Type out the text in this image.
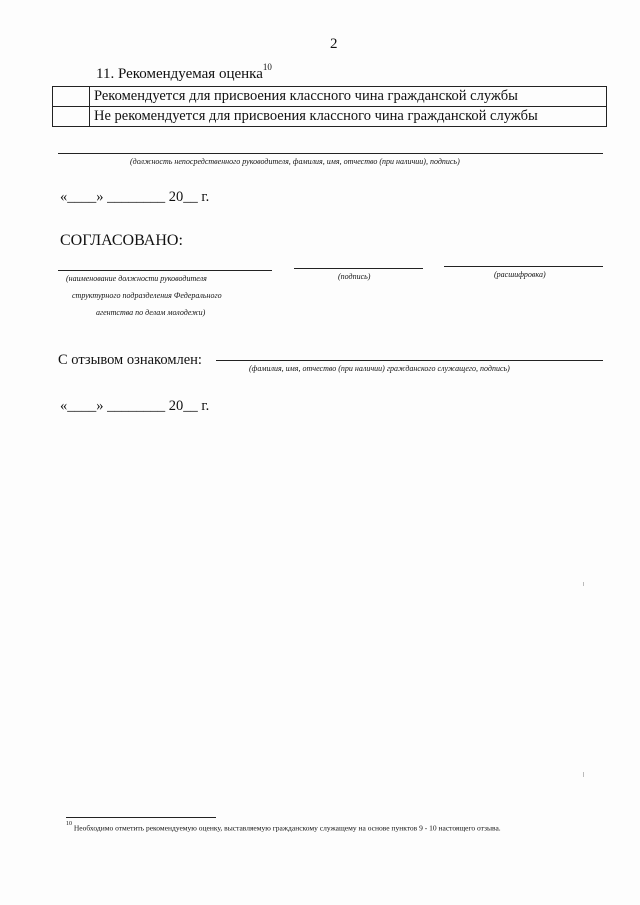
2
11. Рекомендуемая оценка$^{10}$
	Рекомендуется для присвоения классного чина гражданской службы
	Не рекомендуется для присвоения классного чина гражданской службы
(должность непосредственного руководителя, фамилия, имя, отчество (при наличии), подпись)
«____» ________ 20__ г.
СОГЛАСОВАНО:
(наименование должности руководителя
структурного подразделения Федерального
агентства по делам молодежи)
(подпись)	(расшифровка)
С отзывом ознакомлен:
(фамилия, имя, отчество (при наличии) гражданского служащего, подпись)
«____» ________ 20__ г.
$^{10}$ Необходимо отметить рекомендуемую оценку, выставляемую гражданскому служащему на основе пунктов 9 - 10 настоящего отзыва.
